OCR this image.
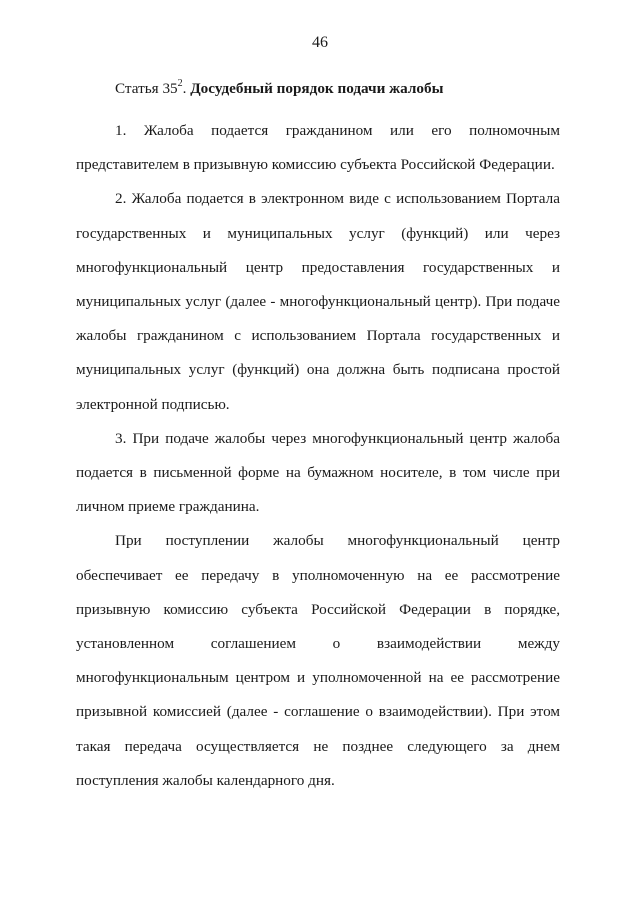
46

Статья $35^2$. Досудебный порядок подачи жалобы

1. Жалоба подается гражданином или его полномочным представителем в призывную комиссию субъекта Российской Федерации.

2. Жалоба подается в электронном виде с использованием Портала государственных и муниципальных услуг (функций) или через многофункциональный центр предоставления государственных и муниципальных услуг (далее - многофункциональный центр). При подаче жалобы гражданином с использованием Портала государственных и муниципальных услуг (функций) она должна быть подписана простой электронной подписью.

3. При подаче жалобы через многофункциональный центр жалоба подается в письменной форме на бумажном носителе, в том числе при личном приеме гражданина.

При поступлении жалобы многофункциональный центр обеспечивает ее передачу в уполномоченную на ее рассмотрение призывную комиссию субъекта Российской Федерации в порядке, установленном соглашением о взаимодействии между многофункциональным центром и уполномоченной на ее рассмотрение призывной комиссией (далее - соглашение о взаимодействии). При этом такая передача осуществляется не позднее следующего за днем поступления жалобы календарного дня.
